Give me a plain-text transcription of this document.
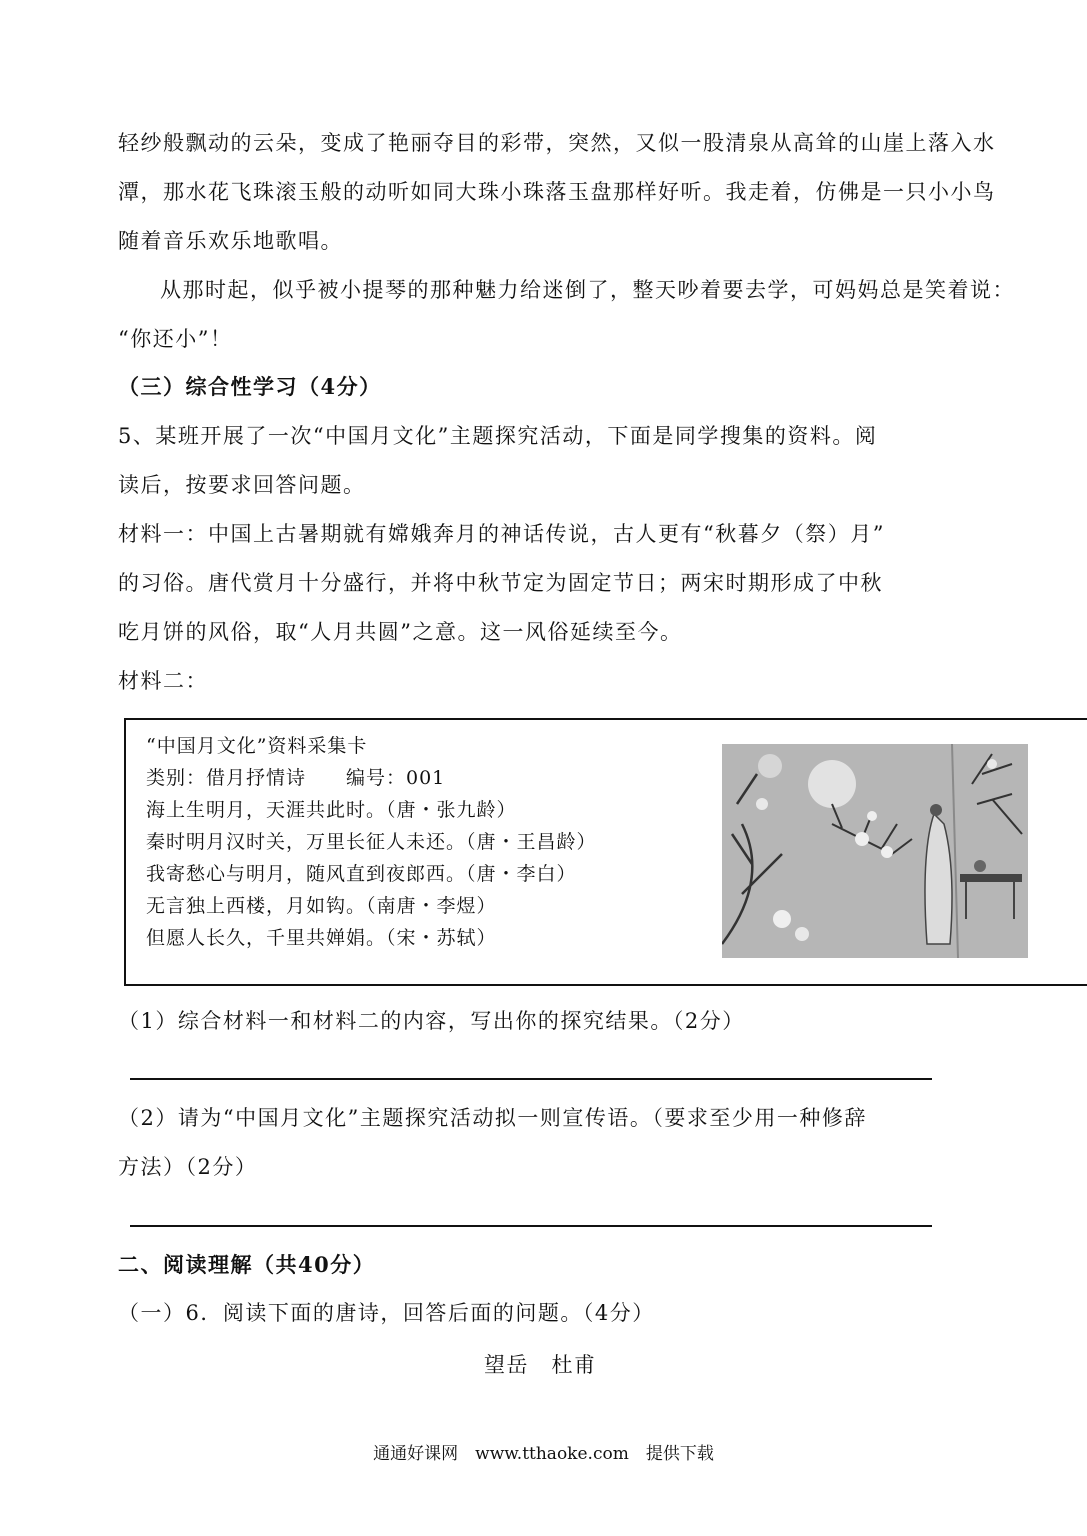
轻纱般飘动的云朵，变成了艳丽夺目的彩带，突然，又似一股清泉从高耸的山崖上落入水
潭，那水花飞珠滚玉般的动听如同大珠小珠落玉盘那样好听。我走着，仿佛是一只小小鸟
随着音乐欢乐地歌唱。
从那时起，似乎被小提琴的那种魅力给迷倒了，整天吵着要去学，可妈妈总是笑着说：
“你还小”！
（三）综合性学习（4分）
5、某班开展了一次“中国月文化”主题探究活动，下面是同学搜集的资料。阅
读后，按要求回答问题。
材料一：中国上古暑期就有嫦娥奔月的神话传说，古人更有“秋暮夕（祭）月”
的习俗。唐代赏月十分盛行，并将中秋节定为固定节日；两宋时期形成了中秋
吃月饼的风俗，取“人月共圆”之意。这一风俗延续至今。
材料二：
“中国月文化”资料采集卡
类别：借月抒情诗　　编号：001
海上生明月，天涯共此时。（唐・张九龄）
秦时明月汉时关，万里长征人未还。（唐・王昌龄）
我寄愁心与明月，随风直到夜郎西。（唐・李白）
无言独上西楼，月如钩。（南唐・李煜）
但愿人长久，千里共婵娟。（宋・苏轼）
（1）综合材料一和材料二的内容，写出你的探究结果。（2分）
（2）请为“中国月文化”主题探究活动拟一则宣传语。（要求至少用一种修辞
方法）（2分）
二、阅读理解（共40分）
（一）6．阅读下面的唐诗，回答后面的问题。（4分）
望岳　杜甫
通通好课网　www.tthaoke.com　提供下载
